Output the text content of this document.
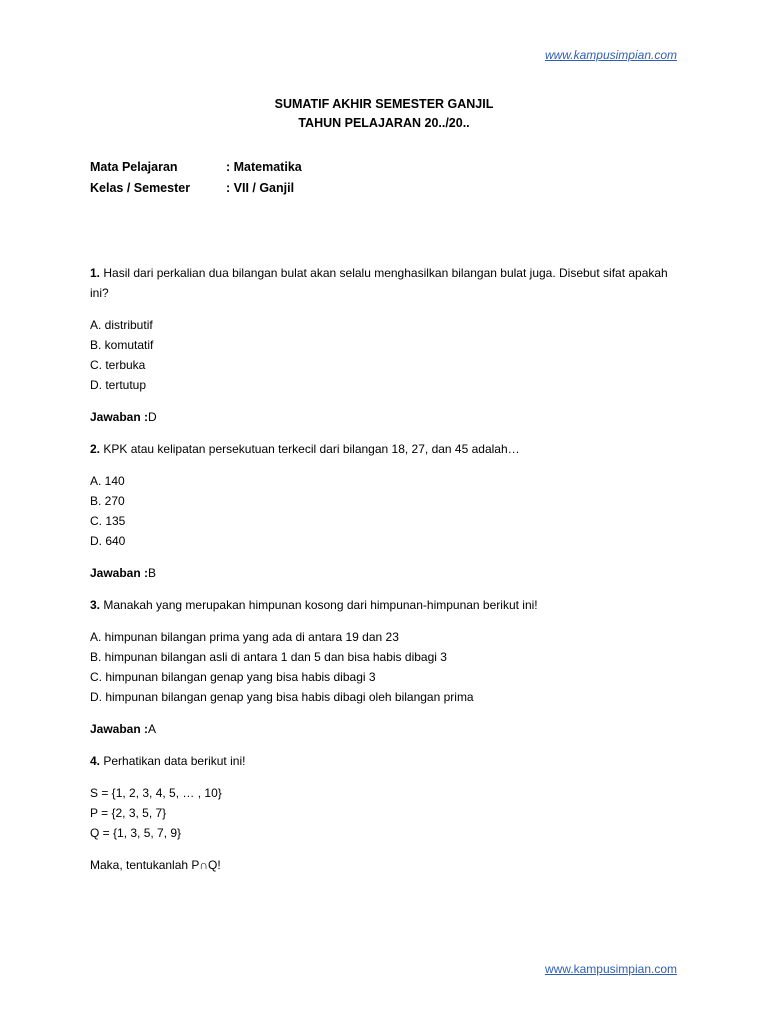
www.kampusimpian.com
SUMATIF AKHIR SEMESTER GANJIL
TAHUN PELAJARAN 20../20..
Mata Pelajaran	: Matematika
Kelas / Semester	: VII / Ganjil
1. Hasil dari perkalian dua bilangan bulat akan selalu menghasilkan bilangan bulat juga. Disebut sifat apakah ini?
A. distributif
B. komutatif
C. terbuka
D. tertutup
Jawaban :D
2. KPK atau kelipatan persekutuan terkecil dari bilangan 18, 27, dan 45 adalah…
A. 140
B. 270
C. 135
D. 640
Jawaban :B
3. Manakah yang merupakan himpunan kosong dari himpunan-himpunan berikut ini!
A. himpunan bilangan prima yang ada di antara 19 dan 23
B. himpunan bilangan asli di antara 1 dan 5 dan bisa habis dibagi 3
C. himpunan bilangan genap yang bisa habis dibagi 3
D. himpunan bilangan genap yang bisa habis dibagi oleh bilangan prima
Jawaban :A
4. Perhatikan data berikut ini!
S = {1, 2, 3, 4, 5, … , 10}
P = {2, 3, 5, 7}
Q = {1, 3, 5, 7, 9}
Maka, tentukanlah P∩Q!
www.kampusimpian.com
